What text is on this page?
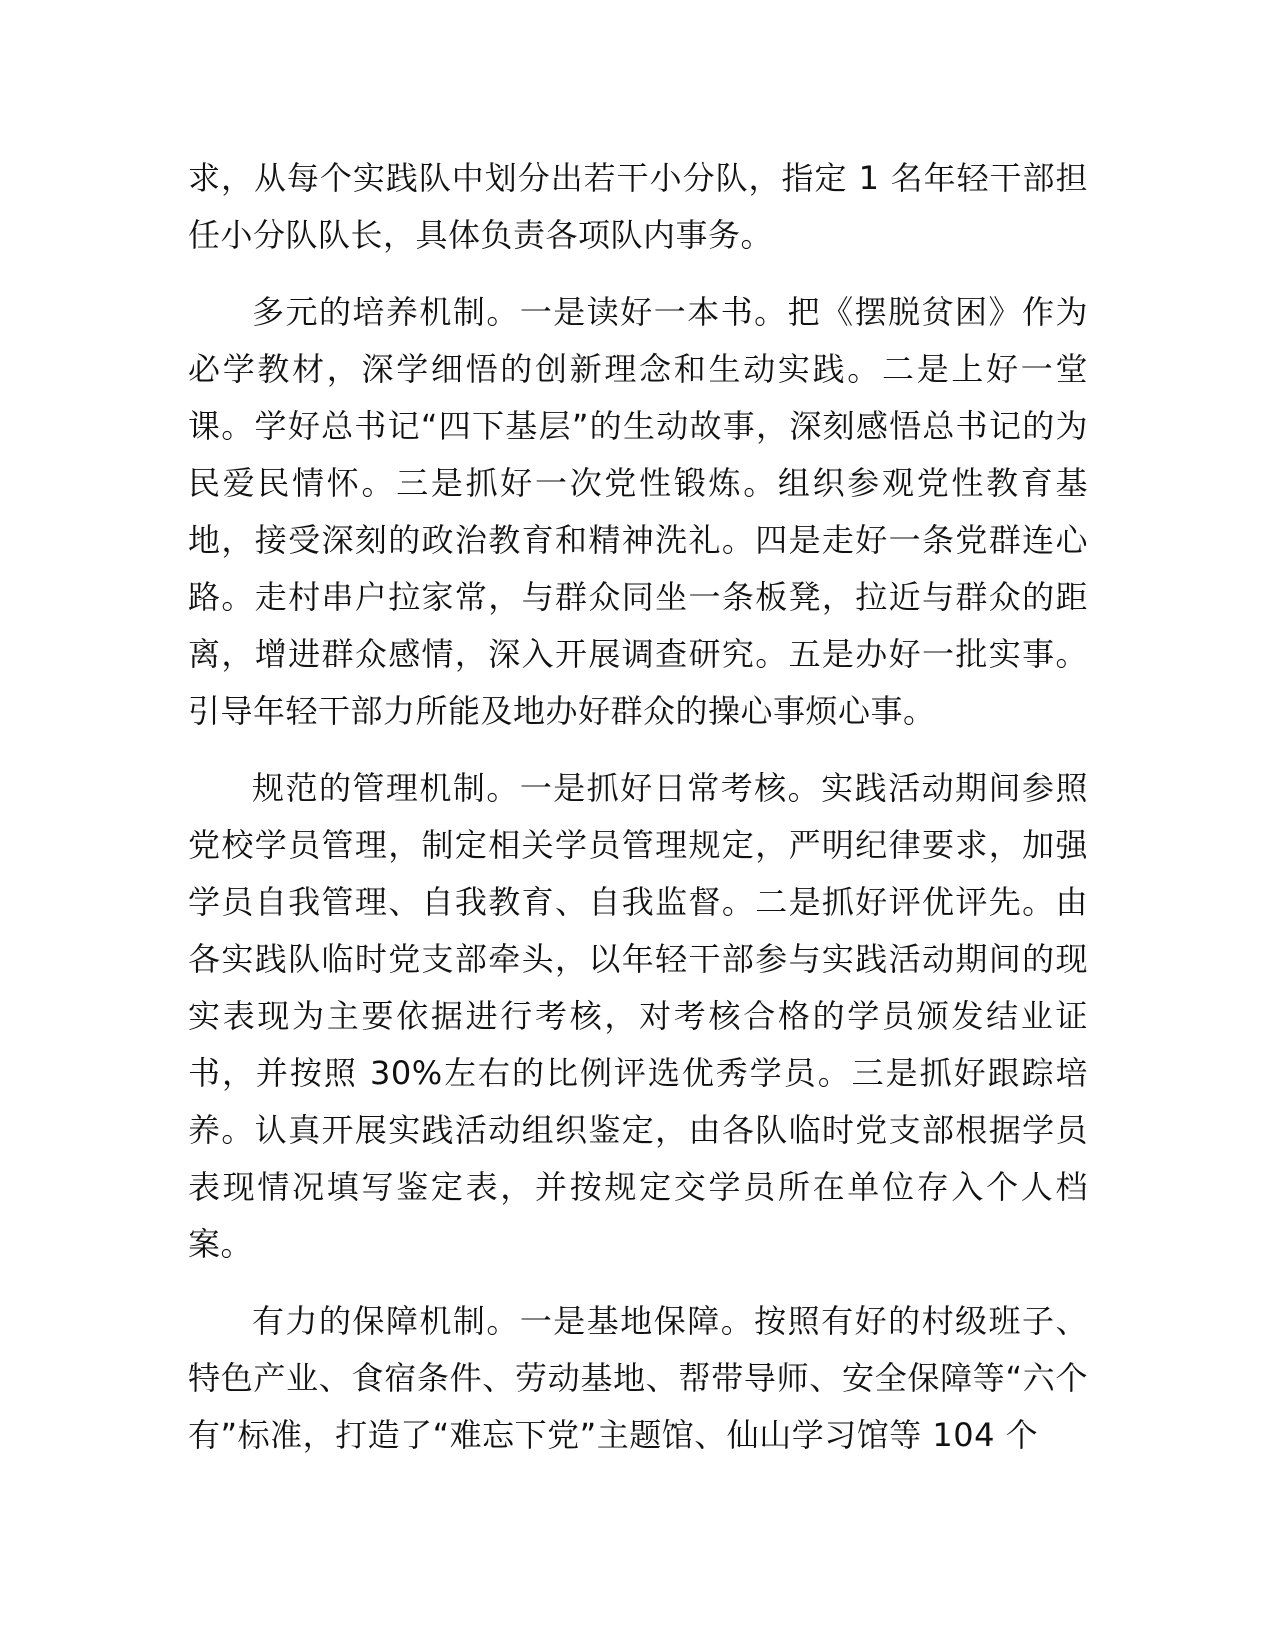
求，从每个实践队中划分出若干小分队，指定 1 名年轻干部担任小分队队长，具体负责各项队内事务。

多元的培养机制。一是读好一本书。把《摆脱贫困》作为必学教材，深学细悟的创新理念和生动实践。二是上好一堂课。学好总书记“四下基层”的生动故事，深刻感悟总书记的为民爱民情怀。三是抓好一次党性锻炼。组织参观党性教育基地，接受深刻的政治教育和精神洗礼。四是走好一条党群连心路。走村串户拉家常，与群众同坐一条板凳，拉近与群众的距离，增进群众感情，深入开展调查研究。五是办好一批实事。引导年轻干部力所能及地办好群众的操心事烦心事。

规范的管理机制。一是抓好日常考核。实践活动期间参照党校学员管理，制定相关学员管理规定，严明纪律要求，加强学员自我管理、自我教育、自我监督。二是抓好评优评先。由各实践队临时党支部牵头，以年轻干部参与实践活动期间的现实表现为主要依据进行考核，对考核合格的学员颁发结业证书，并按照 30%左右的比例评选优秀学员。三是抓好跟踪培养。认真开展实践活动组织鉴定，由各队临时党支部根据学员表现情况填写鉴定表，并按规定交学员所在单位存入个人档案。

有力的保障机制。一是基地保障。按照有好的村级班子、特色产业、食宿条件、劳动基地、帮带导师、安全保障等“六个有”标准，打造了“难忘下党”主题馆、仙山学习馆等 104 个
